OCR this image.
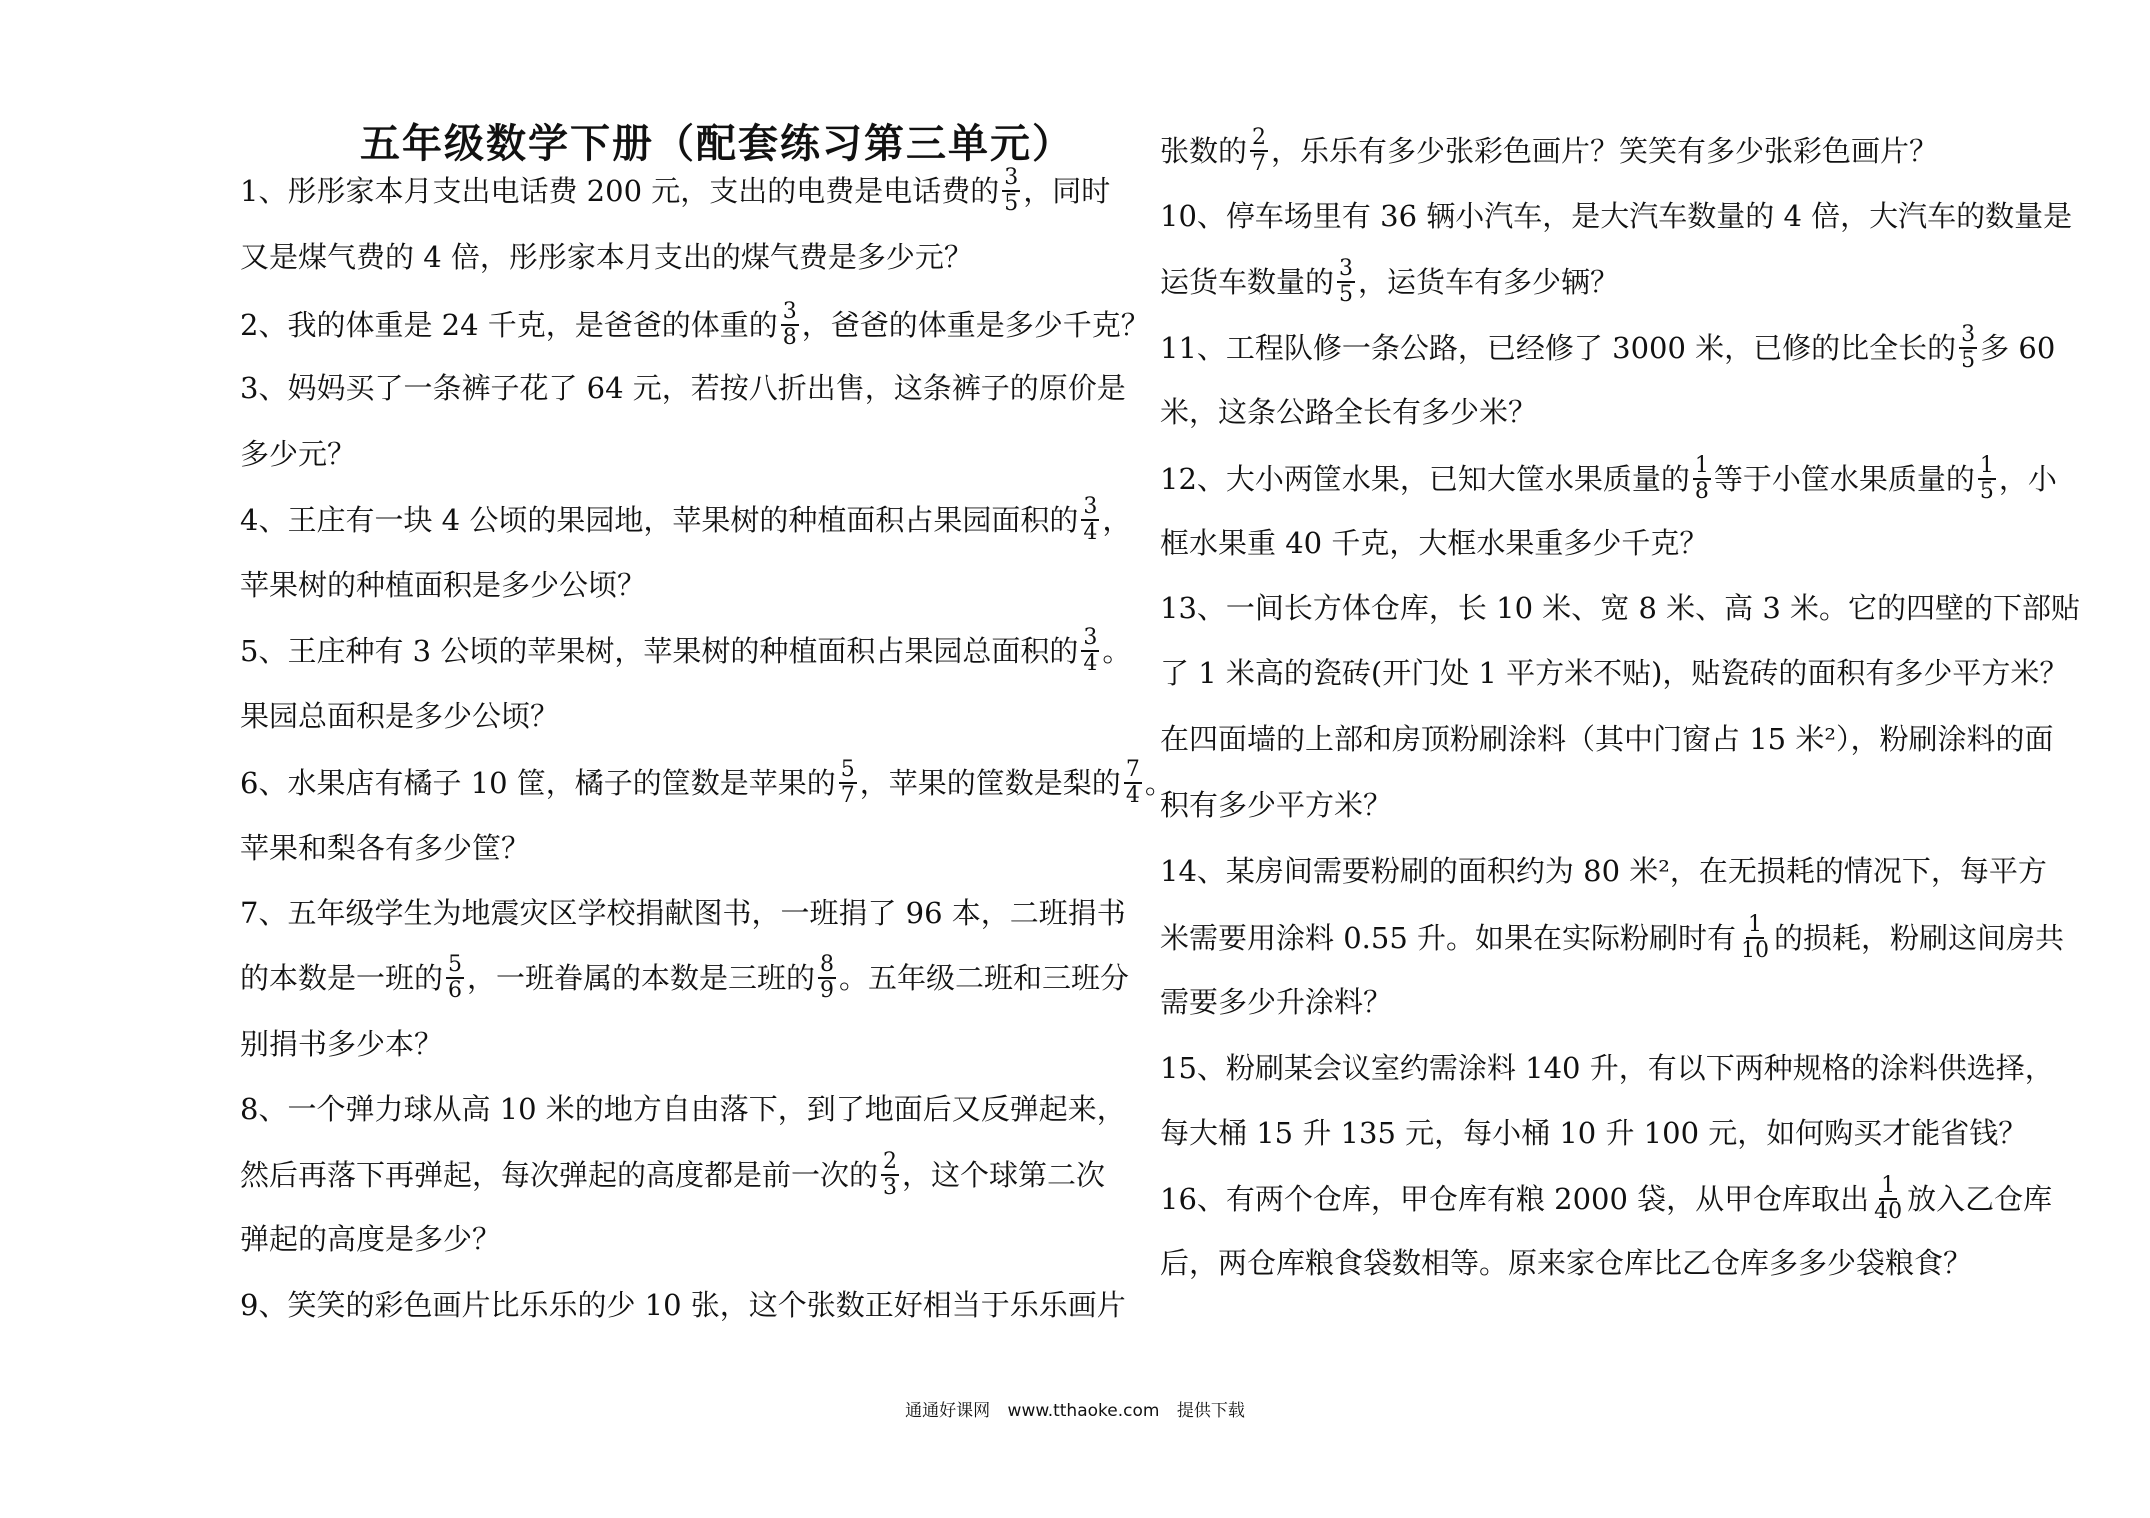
五年级数学下册（配套练习第三单元）
1、彤彤家本月支出电话费 200 元，支出的电费是电话费的 $\frac{3}{5}$ ，同时
又是煤气费的 4 倍，彤彤家本月支出的煤气费是多少元？
2、我的体重是 24 千克，是爸爸的体重的 $\frac{3}{8}$ ，爸爸的体重是多少千克？
3、妈妈买了一条裤子花了 64 元，若按八折出售，这条裤子的原价是
多少元？
4、王庄有一块 4 公顷的果园地，苹果树的种植面积占果园面积的 $\frac{3}{4}$ ，
苹果树的种植面积是多少公顷？
5、王庄种有 3 公顷的苹果树，苹果树的种植面积占果园总面积的 $\frac{3}{4}$ 。
果园总面积是多少公顷？
6、水果店有橘子 10 筐，橘子的筐数是苹果的 $\frac{5}{7}$ ，苹果的筐数是梨的 $\frac{7}{4}$ 。
苹果和梨各有多少筐？
7、五年级学生为地震灾区学校捐献图书，一班捐了 96 本，二班捐书
的本数是一班的 $\frac{5}{6}$ ，一班眷属的本数是三班的 $\frac{8}{9}$ 。五年级二班和三班分
别捐书多少本？
8、一个弹力球从高 10 米的地方自由落下，到了地面后又反弹起来，
然后再落下再弹起，每次弹起的高度都是前一次的 $\frac{2}{3}$ ，这个球第二次
弹起的高度是多少？
9、笑笑的彩色画片比乐乐的少 10 张，这个张数正好相当于乐乐画片
张数的 $\frac{2}{7}$ ，乐乐有多少张彩色画片？笑笑有多少张彩色画片？
10、停车场里有 36 辆小汽车，是大汽车数量的 4 倍，大汽车的数量是
运货车数量的 $\frac{3}{5}$ ，运货车有多少辆？
11、工程队修一条公路，已经修了 3000 米，已修的比全长的 $\frac{3}{5}$ 多 60
米，这条公路全长有多少米？
12、大小两筐水果，已知大筐水果质量的 $\frac{1}{8}$ 等于小筐水果质量的 $\frac{1}{5}$ ，小
框水果重 40 千克，大框水果重多少千克？
13、一间长方体仓库，长 10 米、宽 8 米、高 3 米。它的四壁的下部贴
了 1 米高的瓷砖(开门处 1 平方米不贴)，贴瓷砖的面积有多少平方米？
在四面墙的上部和房顶粉刷涂料（其中门窗占 15 米²），粉刷涂料的面
积有多少平方米？
14、某房间需要粉刷的面积约为 80 米²，在无损耗的情况下，每平方
米需要用涂料 0.55 升。如果在实际粉刷时有 $\frac{1}{10}$ 的损耗，粉刷这间房共
需要多少升涂料？
15、粉刷某会议室约需涂料 140 升，有以下两种规格的涂料供选择，
每大桶 15 升 135 元，每小桶 10 升 100 元，如何购买才能省钱？
16、有两个仓库，甲仓库有粮 2000 袋，从甲仓库取出 $\frac{1}{40}$ 放入乙仓库
后，两仓库粮食袋数相等。原来家仓库比乙仓库多多少袋粮食？
通通好课网 www.tthaoke.com 提供下载
